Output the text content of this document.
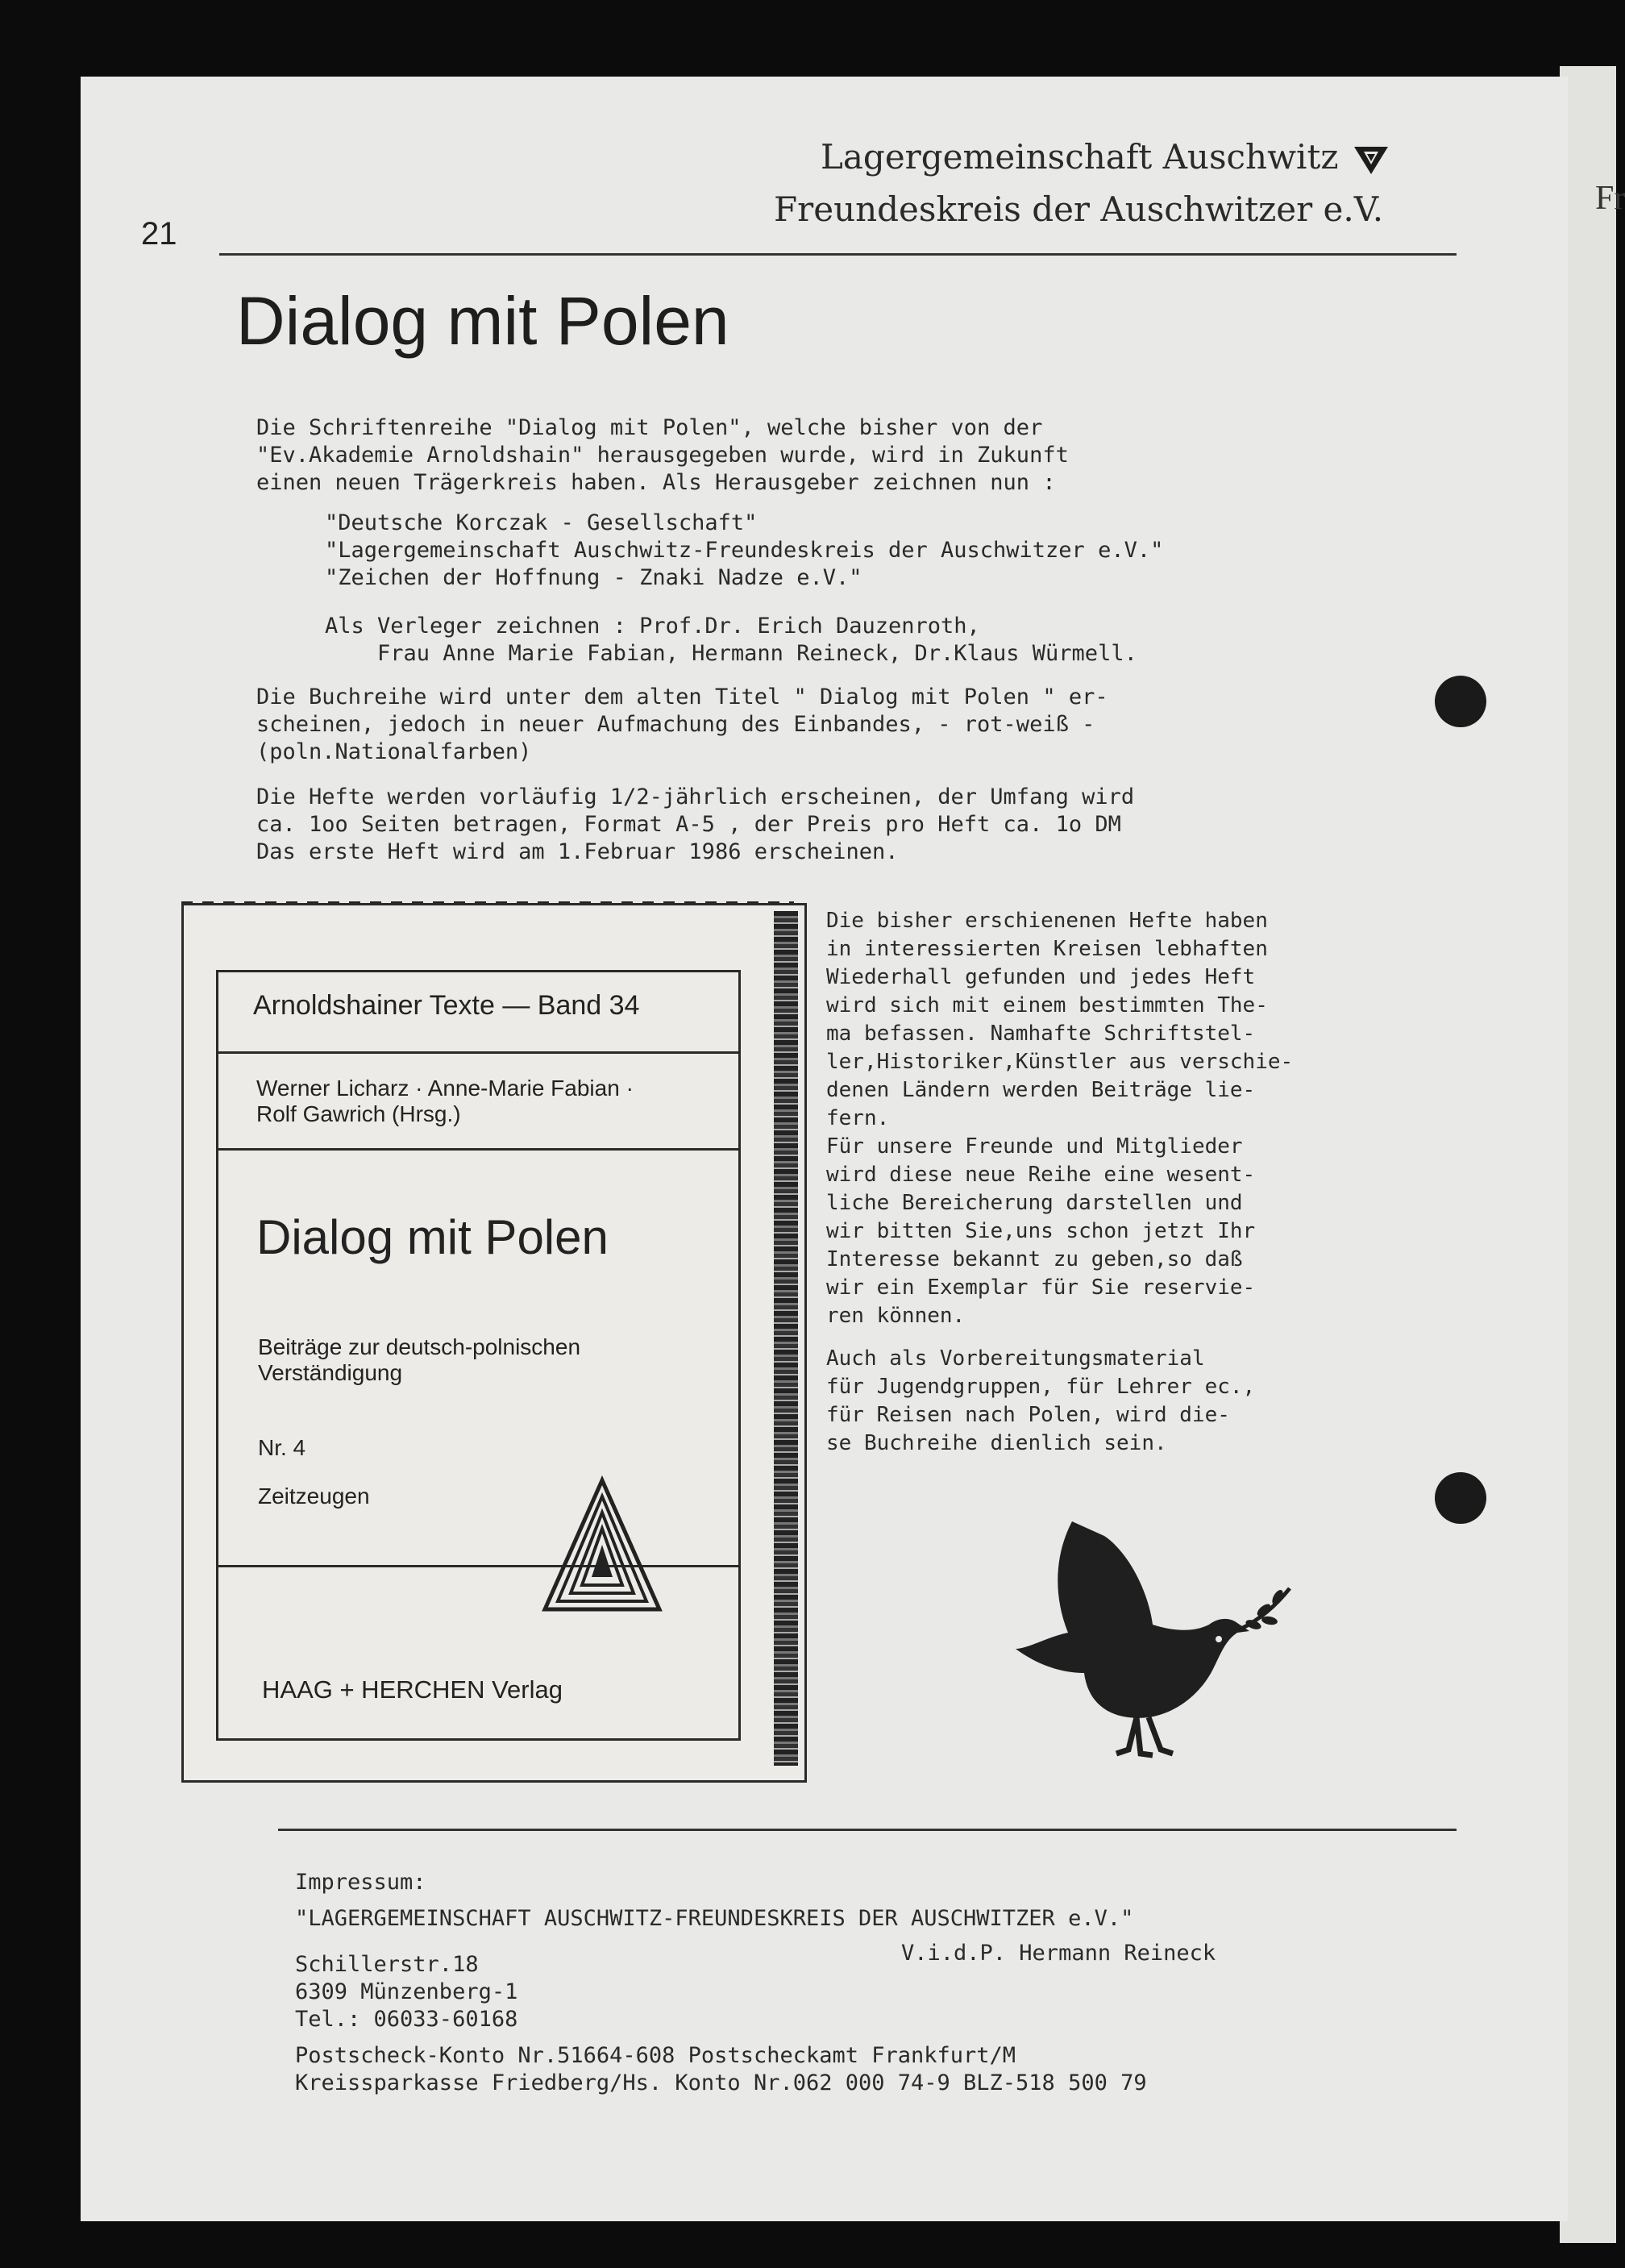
Fr
21
Lagergemeinschaft Auschwitz
Freundeskreis der Auschwitzer e.V.
Dialog mit Polen
Die Schriftenreihe "Dialog mit Polen", welche bisher von der
"Ev.Akademie Arnoldshain" herausgegeben wurde, wird in Zukunft
einen neuen Trägerkreis haben. Als Herausgeber zeichnen nun :
"Deutsche Korczak - Gesellschaft"
"Lagergemeinschaft Auschwitz-Freundeskreis der Auschwitzer e.V."
"Zeichen der Hoffnung - Znaki Nadze e.V."
Als Verleger zeichnen : Prof.Dr. Erich Dauzenroth,
Frau Anne Marie Fabian, Hermann Reineck, Dr.Klaus Würmell.
Die Buchreihe wird unter dem alten Titel " Dialog mit Polen " er-
scheinen, jedoch in neuer Aufmachung des Einbandes, - rot-weiß -
(poln.Nationalfarben)
Die Hefte werden vorläufig 1/2-jährlich erscheinen, der Umfang wird
ca. 1oo Seiten betragen, Format A-5 , der Preis pro Heft ca. 1o DM
Das erste Heft wird am 1.Februar 1986 erscheinen.
Arnoldshainer Texte — Band 34
Werner Licharz · Anne-Marie Fabian ·
Rolf Gawrich (Hrsg.)
Dialog mit Polen
Beiträge zur deutsch-polnischen
Verständigung
Nr. 4
Zeitzeugen
HAAG + HERCHEN Verlag
Die bisher erschienenen Hefte haben
in interessierten Kreisen lebhaften
Wiederhall gefunden und jedes Heft
wird sich mit einem bestimmten The-
ma befassen. Namhafte Schriftstel-
ler,Historiker,Künstler aus verschie-
denen Ländern werden Beiträge lie-
fern.
Für unsere Freunde und Mitglieder
wird diese neue Reihe eine wesent-
liche Bereicherung darstellen und
wir bitten Sie,uns schon jetzt Ihr
Interesse bekannt zu geben,so daß
wir ein Exemplar für Sie reservie-
ren können.
Auch als Vorbereitungsmaterial
für Jugendgruppen, für Lehrer ec.,
für Reisen nach Polen, wird die-
se Buchreihe dienlich sein.
Impressum:
"LAGERGEMEINSCHAFT AUSCHWITZ-FREUNDESKREIS DER AUSCHWITZER e.V."
Schillerstr.18
6309 Münzenberg-1
Tel.: 06033-60168
V.i.d.P. Hermann Reineck
Postscheck-Konto Nr.51664-608 Postscheckamt Frankfurt/M
Kreissparkasse Friedberg/Hs. Konto Nr.062 000 74-9 BLZ-518 500 79
